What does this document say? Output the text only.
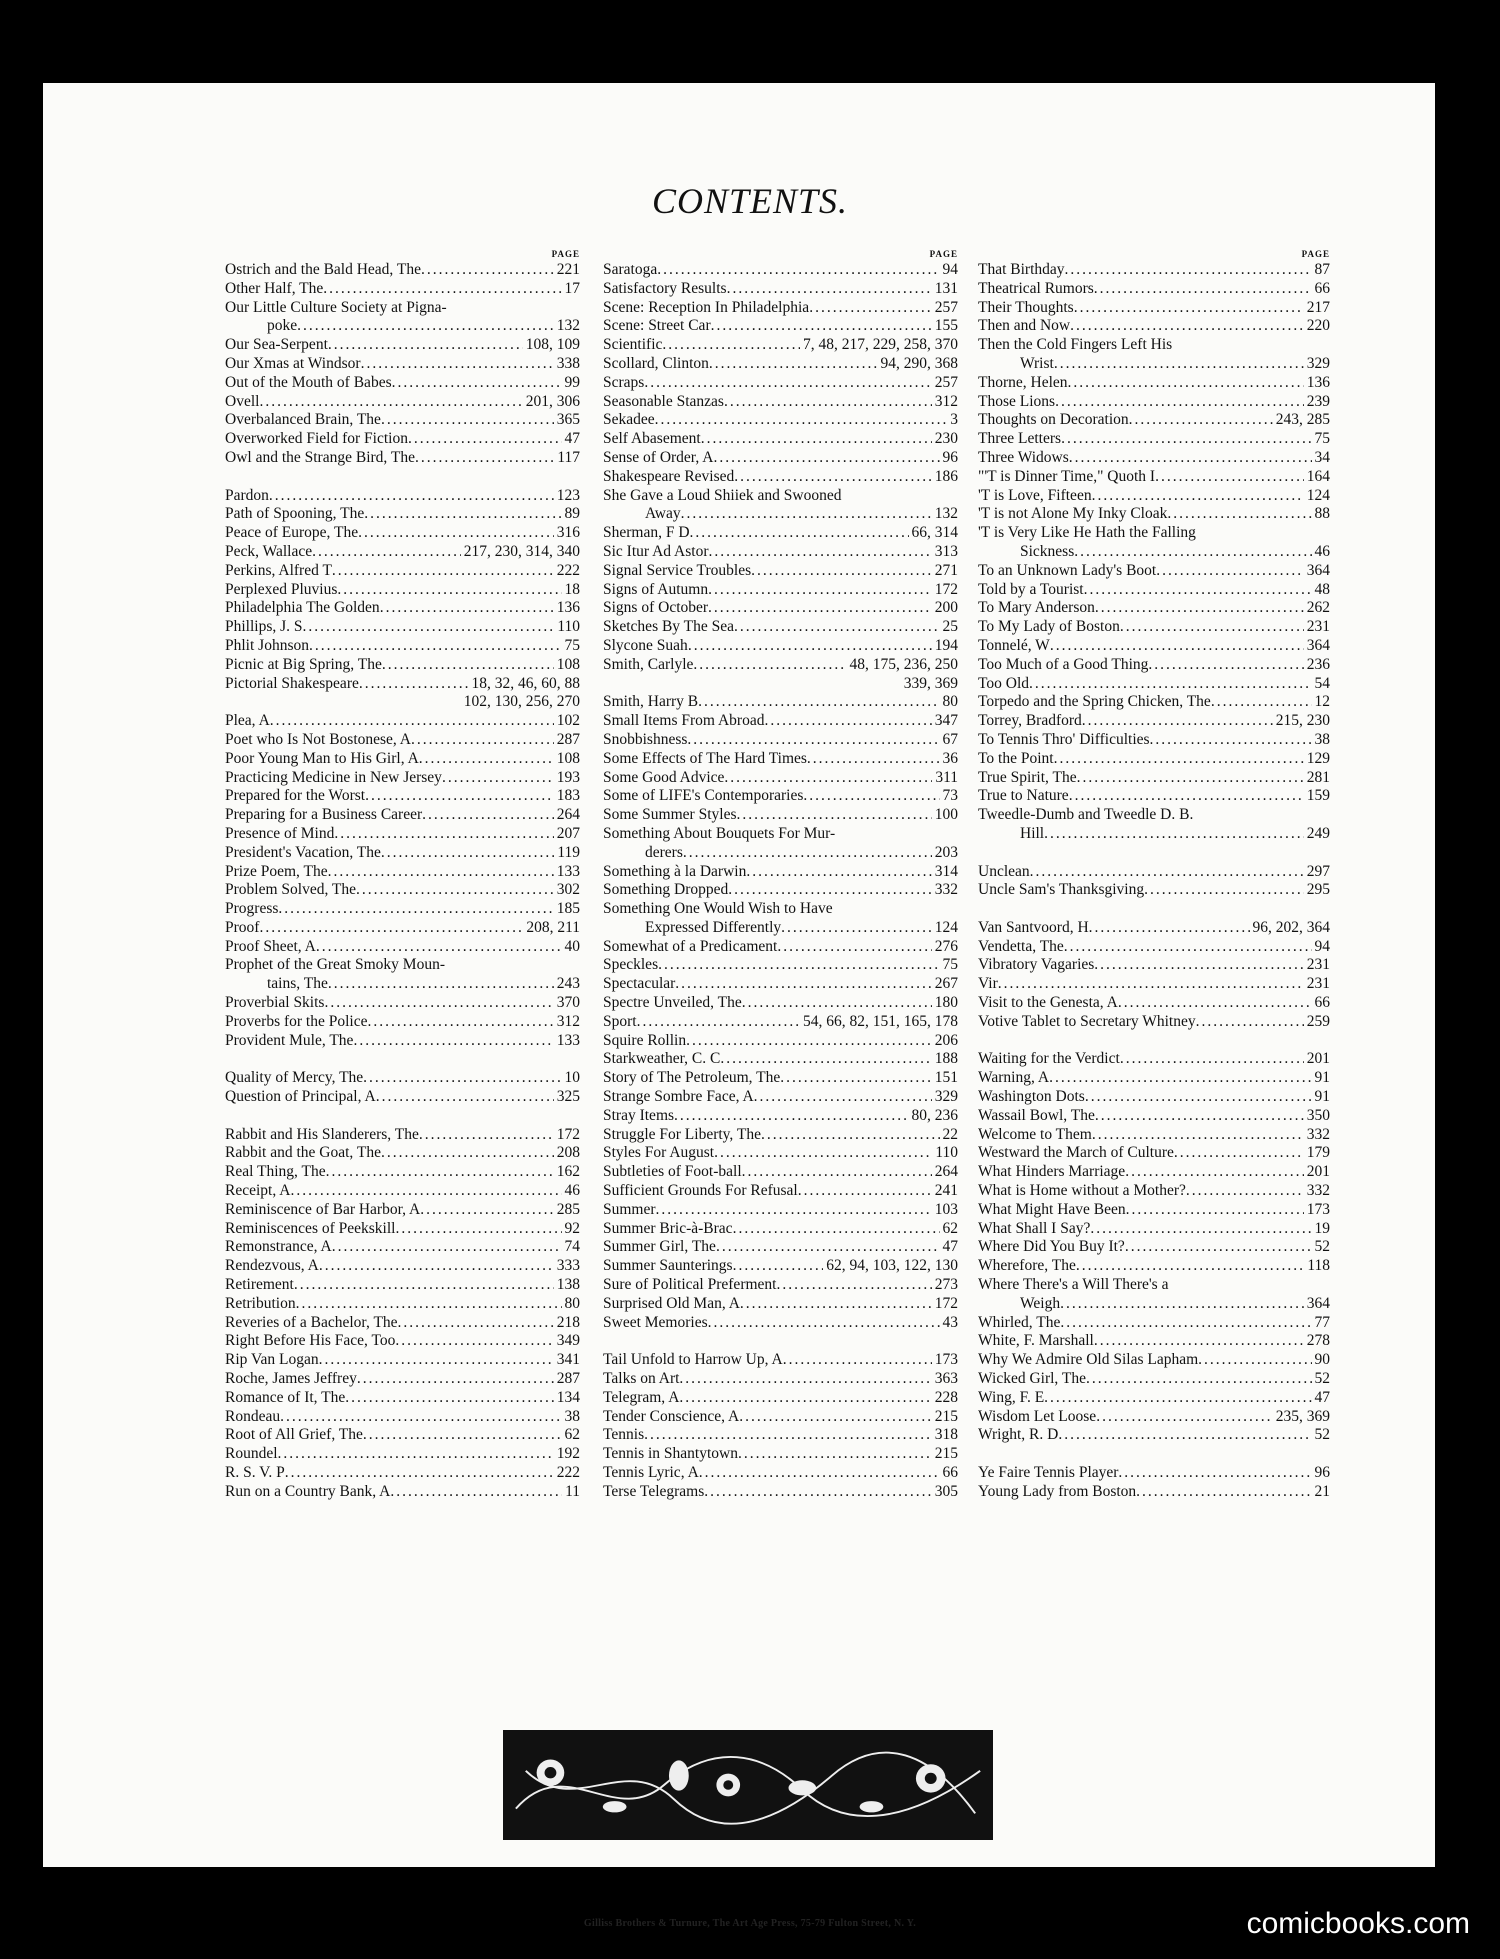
CONTENTS.
PAGE
Ostrich and the Bald Head, The .....	221
Other Half, The .....	17
Our Little Culture Society at Pigna-
poke .....	132
Our Sea-Serpent .....	108, 109
Our Xmas at Windsor .....	338
Out of the Mouth of Babes .....	99
Ovell .....	201, 306
Overbalanced Brain, The .....	365
Overworked Field for Fiction .....	47
Owl and the Strange Bird, The .....	117
Pardon .....	123
Path of Spooning, The .....	89
Peace of Europe, The .....	316
Peck, Wallace .....	217, 230, 314, 340
Perkins, Alfred T .....	222
Perplexed Pluvius .....	18
Philadelphia The Golden .....	136
Phillips, J. S .....	110
Phlit Johnson .....	75
Picnic at Big Spring, The .....	108
Pictorial Shakespeare .....	18, 32, 46, 60, 88
102, 130, 256, 270
Plea, A .....	102
Poet who Is Not Bostonese, A .....	287
Poor Young Man to His Girl, A .....	108
Practicing Medicine in New Jersey .....	193
Prepared for the Worst .....	183
Preparing for a Business Career .....	264
Presence of Mind .....	207
President's Vacation, The .....	119
Prize Poem, The .....	133
Problem Solved, The .....	302
Progress .....	185
Proof .....	208, 211
Proof Sheet, A .....	40
Prophet of the Great Smoky Moun-
tains, The .....	243
Proverbial Skits .....	370
Proverbs for the Police .....	312
Provident Mule, The .....	133
Quality of Mercy, The .....	10
Question of Principal, A .....	325
Rabbit and His Slanderers, The .....	172
Rabbit and the Goat, The .....	208
Real Thing, The .....	162
Receipt, A .....	46
Reminiscence of Bar Harbor, A .....	285
Reminiscences of Peekskill .....	92
Remonstrance, A .....	74
Rendezvous, A .....	333
Retirement .....	138
Retribution .....	80
Reveries of a Bachelor, The .....	218
Right Before His Face, Too .....	349
Rip Van Logan .....	341
Roche, James Jeffrey .....	287
Romance of It, The .....	134
Rondeau .....	38
Root of All Grief, The .....	62
Roundel .....	192
R. S. V. P .....	222
Run on a Country Bank, A .....	11
PAGE
Saratoga .....	94
Satisfactory Results .....	131
Scene: Reception In Philadelphia .....	257
Scene: Street Car .....	155
Scientific .....	7, 48, 217, 229, 258, 370
Scollard, Clinton .....	94, 290, 368
Scraps .....	257
Seasonable Stanzas .....	312
Sekadee .....	3
Self Abasement .....	230
Sense of Order, A .....	96
Shakespeare Revised .....	186
She Gave a Loud Shiiek and Swooned
Away .....	132
Sherman, F D .....	66, 314
Sic Itur Ad Astor .....	313
Signal Service Troubles .....	271
Signs of Autumn .....	172
Signs of October .....	200
Sketches By The Sea .....	25
Slycone Suah .....	194
Smith, Carlyle .....	48, 175, 236, 250
339, 369
Smith, Harry B .....	80
Small Items From Abroad .....	347
Snobbishness .....	67
Some Effects of The Hard Times .....	36
Some Good Advice .....	311
Some of LIFE's Contemporaries .....	73
Some Summer Styles .....	100
Something About Bouquets For Mur-
derers .....	203
Something à la Darwin .....	314
Something Dropped .....	332
Something One Would Wish to Have
Expressed Differently .....	124
Somewhat of a Predicament .....	276
Speckles .....	75
Spectacular .....	267
Spectre Unveiled, The .....	180
Sport .....	54, 66, 82, 151, 165, 178
Squire Rollin .....	206
Starkweather, C. C .....	188
Story of The Petroleum, The .....	151
Strange Sombre Face, A .....	329
Stray Items .....	80, 236
Struggle For Liberty, The .....	22
Styles For August .....	110
Subtleties of Foot-ball .....	264
Sufficient Grounds For Refusal .....	241
Summer .....	103
Summer Bric-à-Brac .....	62
Summer Girl, The .....	47
Summer Saunterings .....	62, 94, 103, 122, 130
Sure of Political Preferment .....	273
Surprised Old Man, A .....	172
Sweet Memories .....	43
Tail Unfold to Harrow Up, A .....	173
Talks on Art .....	363
Telegram, A .....	228
Tender Conscience, A .....	215
Tennis .....	318
Tennis in Shantytown .....	215
Tennis Lyric, A .....	66
Terse Telegrams .....	305
PAGE
That Birthday .....	87
Theatrical Rumors .....	66
Their Thoughts .....	217
Then and Now .....	220
Then the Cold Fingers Left His
Wrist .....	329
Thorne, Helen .....	136
Those Lions .....	239
Thoughts on Decoration .....	243, 285
Three Letters .....	75
Three Widows .....	34
"'T is Dinner Time," Quoth I .....	164
'T is Love, Fifteen .....	124
'T is not Alone My Inky Cloak .....	88
'T is Very Like He Hath the Falling
Sickness .....	46
To an Unknown Lady's Boot .....	364
Told by a Tourist .....	48
To Mary Anderson .....	262
To My Lady of Boston .....	231
Tonnelé, W .....	364
Too Much of a Good Thing .....	236
Too Old .....	54
Torpedo and the Spring Chicken, The .....	12
Torrey, Bradford .....	215, 230
To Tennis Thro' Difficulties .....	38
To the Point .....	129
True Spirit, The .....	281
True to Nature .....	159
Tweedle-Dumb and Tweedle D. B.
Hill .....	249
Unclean .....	297
Uncle Sam's Thanksgiving .....	295
Van Santvoord, H .....	96, 202, 364
Vendetta, The .....	94
Vibratory Vagaries .....	231
Vir .....	231
Visit to the Genesta, A .....	66
Votive Tablet to Secretary Whitney .....	259
Waiting for the Verdict .....	201
Warning, A .....	91
Washington Dots .....	91
Wassail Bowl, The .....	350
Welcome to Them .....	332
Westward the March of Culture .....	179
What Hinders Marriage .....	201
What is Home without a Mother? .....	332
What Might Have Been .....	173
What Shall I Say? .....	19
Where Did You Buy It? .....	52
Wherefore, The .....	118
Where There's a Will There's a
Weigh .....	364
Whirled, The .....	77
White, F. Marshall .....	278
Why We Admire Old Silas Lapham .....	90
Wicked Girl, The .....	52
Wing, F. E .....	47
Wisdom Let Loose .....	235, 369
Wright, R. D .....	52
Ye Faire Tennis Player .....	96
Young Lady from Boston .....	21
Gilliss Brothers & Turnure, The Art Age Press, 75-79 Fulton Street, N. Y.	comicbooks.com
